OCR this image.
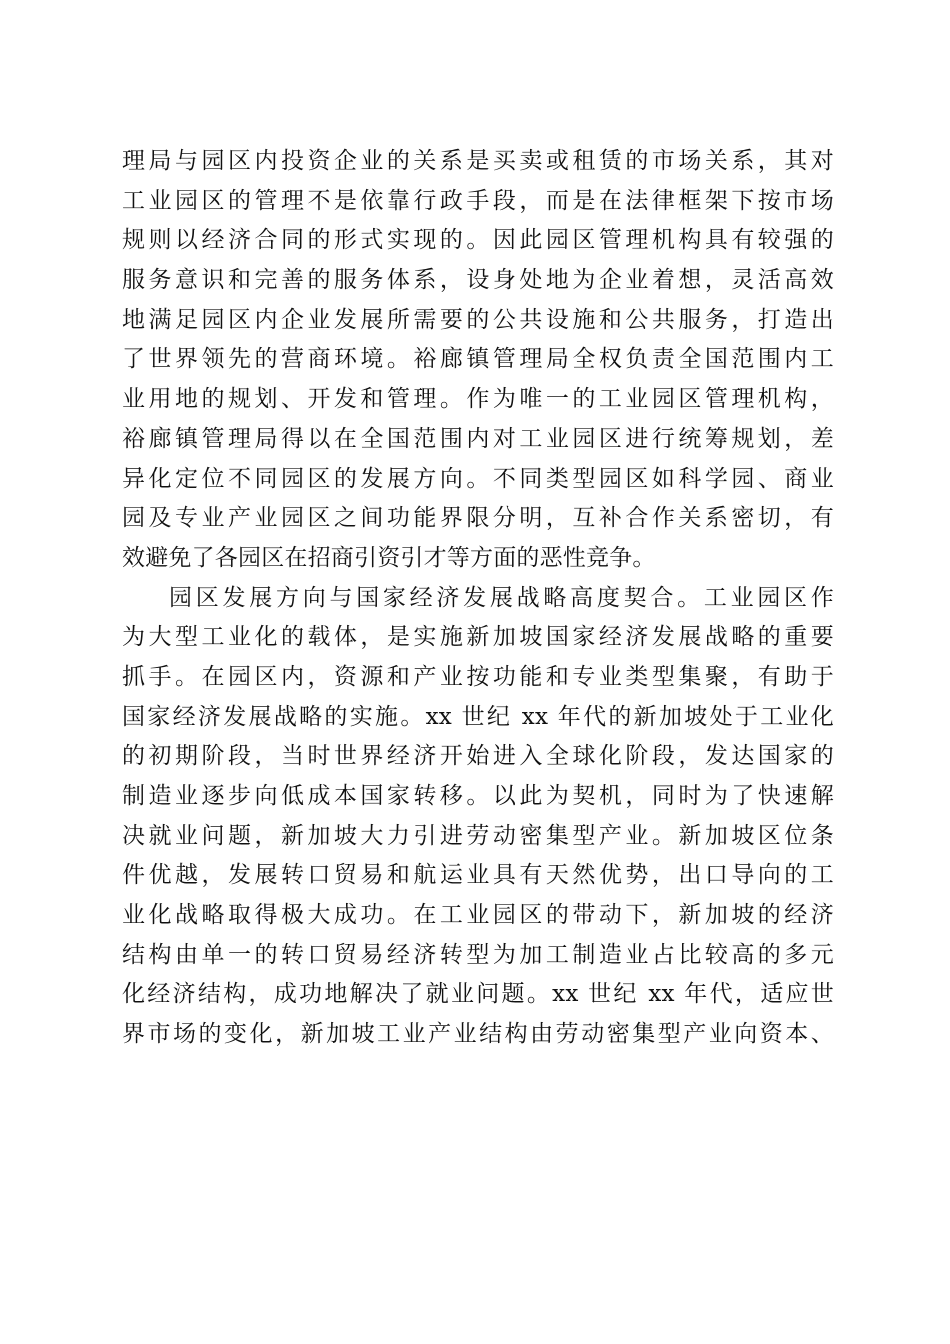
理局与园区内投资企业的关系是买卖或租赁的市场关系，其对
工业园区的管理不是依靠行政手段，而是在法律框架下按市场
规则以经济合同的形式实现的。因此园区管理机构具有较强的
服务意识和完善的服务体系，设身处地为企业着想，灵活高效
地满足园区内企业发展所需要的公共设施和公共服务，打造出
了世界领先的营商环境。裕廊镇管理局全权负责全国范围内工
业用地的规划、开发和管理。作为唯一的工业园区管理机构，
裕廊镇管理局得以在全国范围内对工业园区进行统筹规划，差
异化定位不同园区的发展方向。不同类型园区如科学园、商业
园及专业产业园区之间功能界限分明，互补合作关系密切，有
效避免了各园区在招商引资引才等方面的恶性竞争。
园区发展方向与国家经济发展战略高度契合。工业园区作
为大型工业化的载体，是实施新加坡国家经济发展战略的重要
抓手。在园区内，资源和产业按功能和专业类型集聚，有助于
国家经济发展战略的实施。xx 世纪 xx 年代的新加坡处于工业化
的初期阶段，当时世界经济开始进入全球化阶段，发达国家的
制造业逐步向低成本国家转移。以此为契机，同时为了快速解
决就业问题，新加坡大力引进劳动密集型产业。新加坡区位条
件优越，发展转口贸易和航运业具有天然优势，出口导向的工
业化战略取得极大成功。在工业园区的带动下，新加坡的经济
结构由单一的转口贸易经济转型为加工制造业占比较高的多元
化经济结构，成功地解决了就业问题。xx 世纪 xx 年代，适应世
界市场的变化，新加坡工业产业结构由劳动密集型产业向资本、
